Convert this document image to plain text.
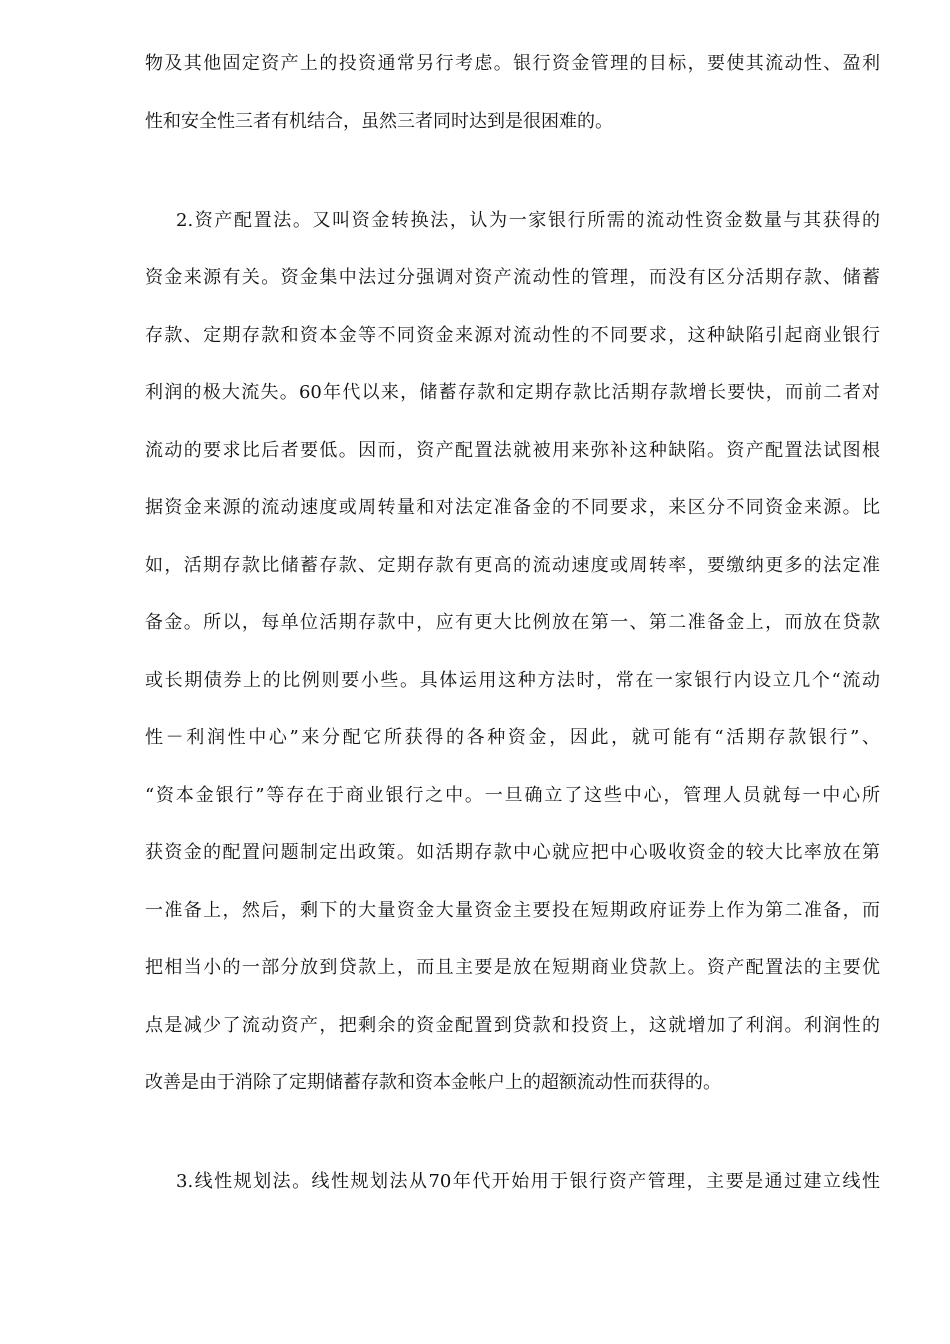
物及其他固定资产上的投资通常另行考虑。银行资金管理的目标，要使其流动性、盈利
性和安全性三者有机结合，虽然三者同时达到是很困难的。
2.资产配置法。又叫资金转换法，认为一家银行所需的流动性资金数量与其获得的
资金来源有关。资金集中法过分强调对资产流动性的管理，而没有区分活期存款、储蓄
存款、定期存款和资本金等不同资金来源对流动性的不同要求，这种缺陷引起商业银行
利润的极大流失。60年代以来，储蓄存款和定期存款比活期存款增长要快，而前二者对
流动的要求比后者要低。因而，资产配置法就被用来弥补这种缺陷。资产配置法试图根
据资金来源的流动速度或周转量和对法定准备金的不同要求，来区分不同资金来源。比
如，活期存款比储蓄存款、定期存款有更高的流动速度或周转率，要缴纳更多的法定准
备金。所以，每单位活期存款中，应有更大比例放在第一、第二准备金上，而放在贷款
或长期债券上的比例则要小些。具体运用这种方法时，常在一家银行内设立几个“流动
性－利润性中心”来分配它所获得的各种资金，因此，就可能有“活期存款银行”、
“资本金银行”等存在于商业银行之中。一旦确立了这些中心，管理人员就每一中心所
获资金的配置问题制定出政策。如活期存款中心就应把中心吸收资金的较大比率放在第
一准备上，然后，剩下的大量资金大量资金主要投在短期政府证券上作为第二准备，而
把相当小的一部分放到贷款上，而且主要是放在短期商业贷款上。资产配置法的主要优
点是减少了流动资产，把剩余的资金配置到贷款和投资上，这就增加了利润。利润性的
改善是由于消除了定期储蓄存款和资本金帐户上的超额流动性而获得的。
3.线性规划法。线性规划法从70年代开始用于银行资产管理，主要是通过建立线性
